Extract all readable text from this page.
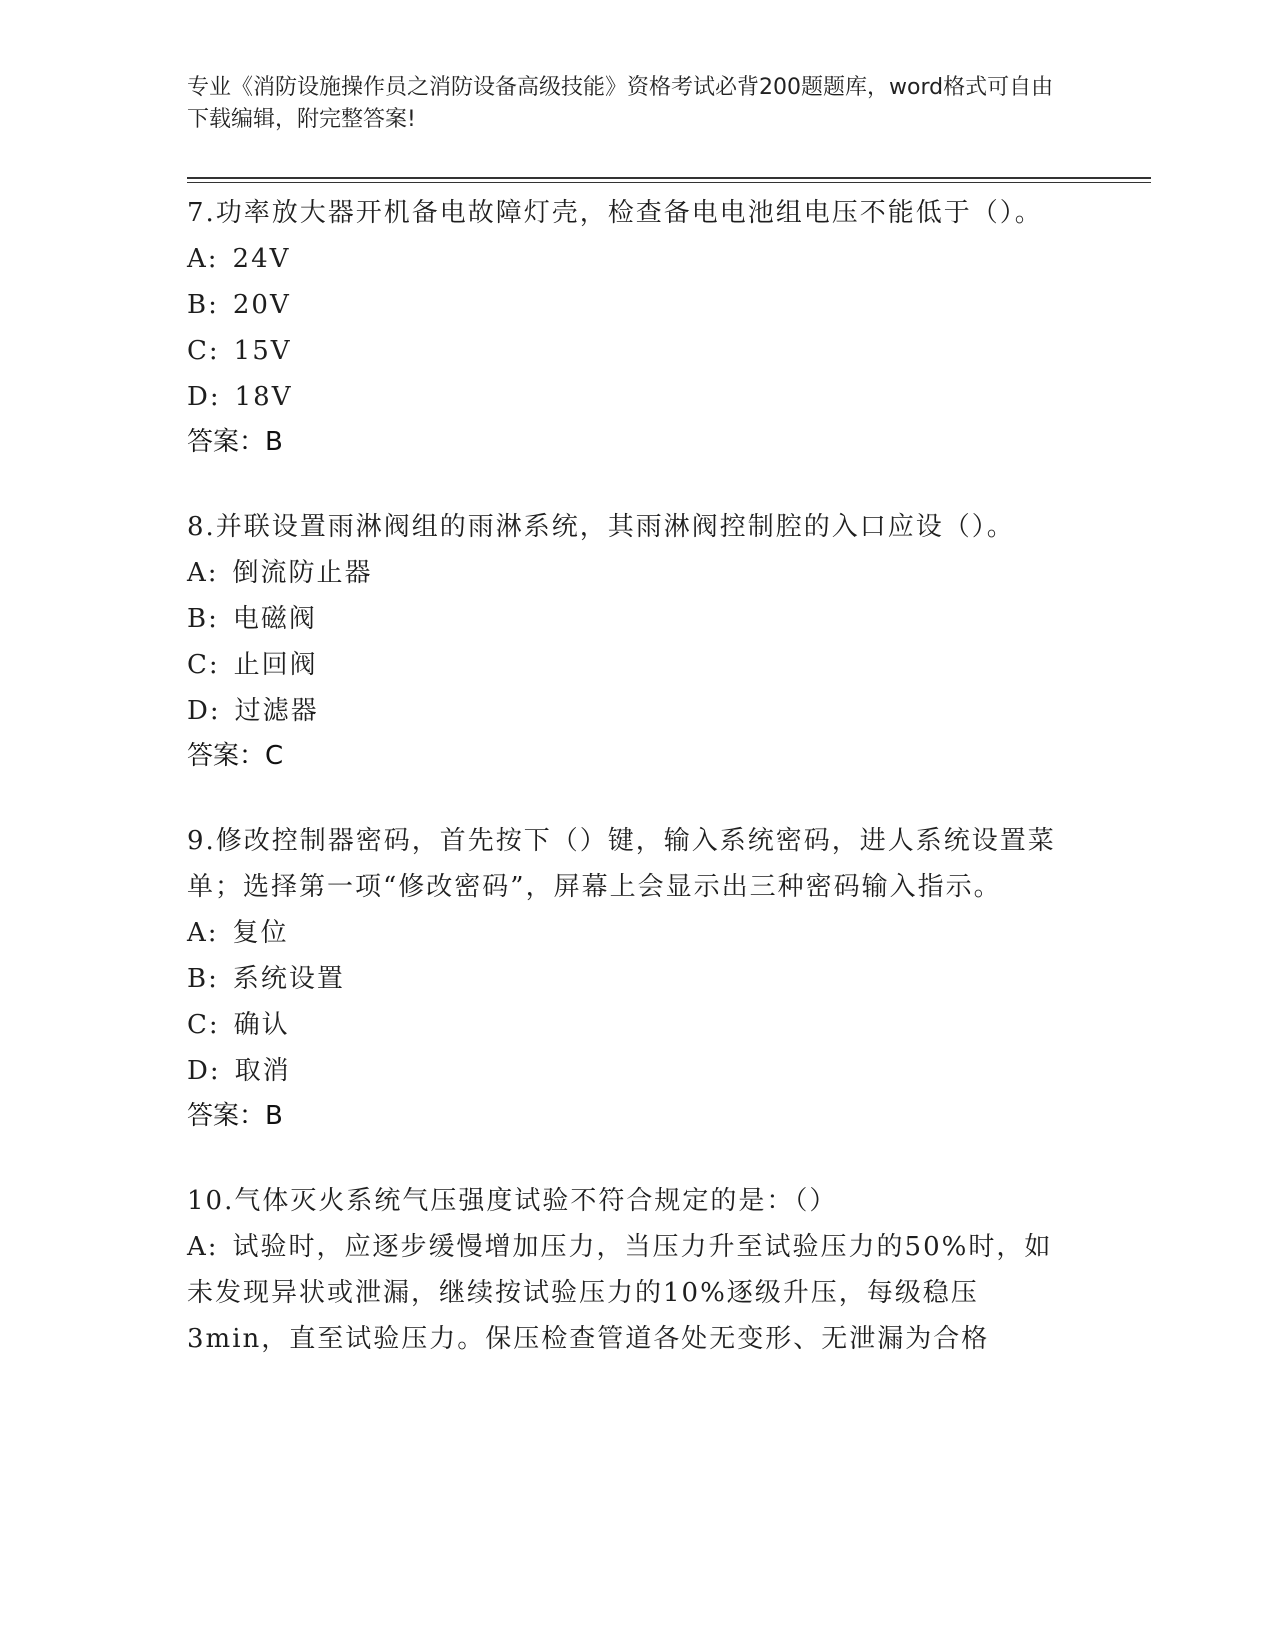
专业《消防设施操作员之消防设备高级技能》资格考试必背200题题库，word格式可自由下载编辑，附完整答案!
7.功率放大器开机备电故障灯壳，检查备电电池组电压不能低于（）。
A: 24V
B: 20V
C: 15V
D: 18V
答案：B
8.并联设置雨淋阀组的雨淋系统，其雨淋阀控制腔的入口应设（）。
A: 倒流防止器
B: 电磁阀
C: 止回阀
D: 过滤器
答案：C
9.修改控制器密码，首先按下（）键，输入系统密码，进人系统设置菜单；选择第一项“修改密码”，屏幕上会显示出三种密码输入指示。
A: 复位
B: 系统设置
C: 确认
D: 取消
答案：B
10.气体灭火系统气压强度试验不符合规定的是：（）
A: 试验时，应逐步缓慢增加压力，当压力升至试验压力的50%时，如未发现异状或泄漏，继续按试验压力的10%逐级升压，每级稳压3min，直至试验压力。保压检查管道各处无变形、无泄漏为合格
